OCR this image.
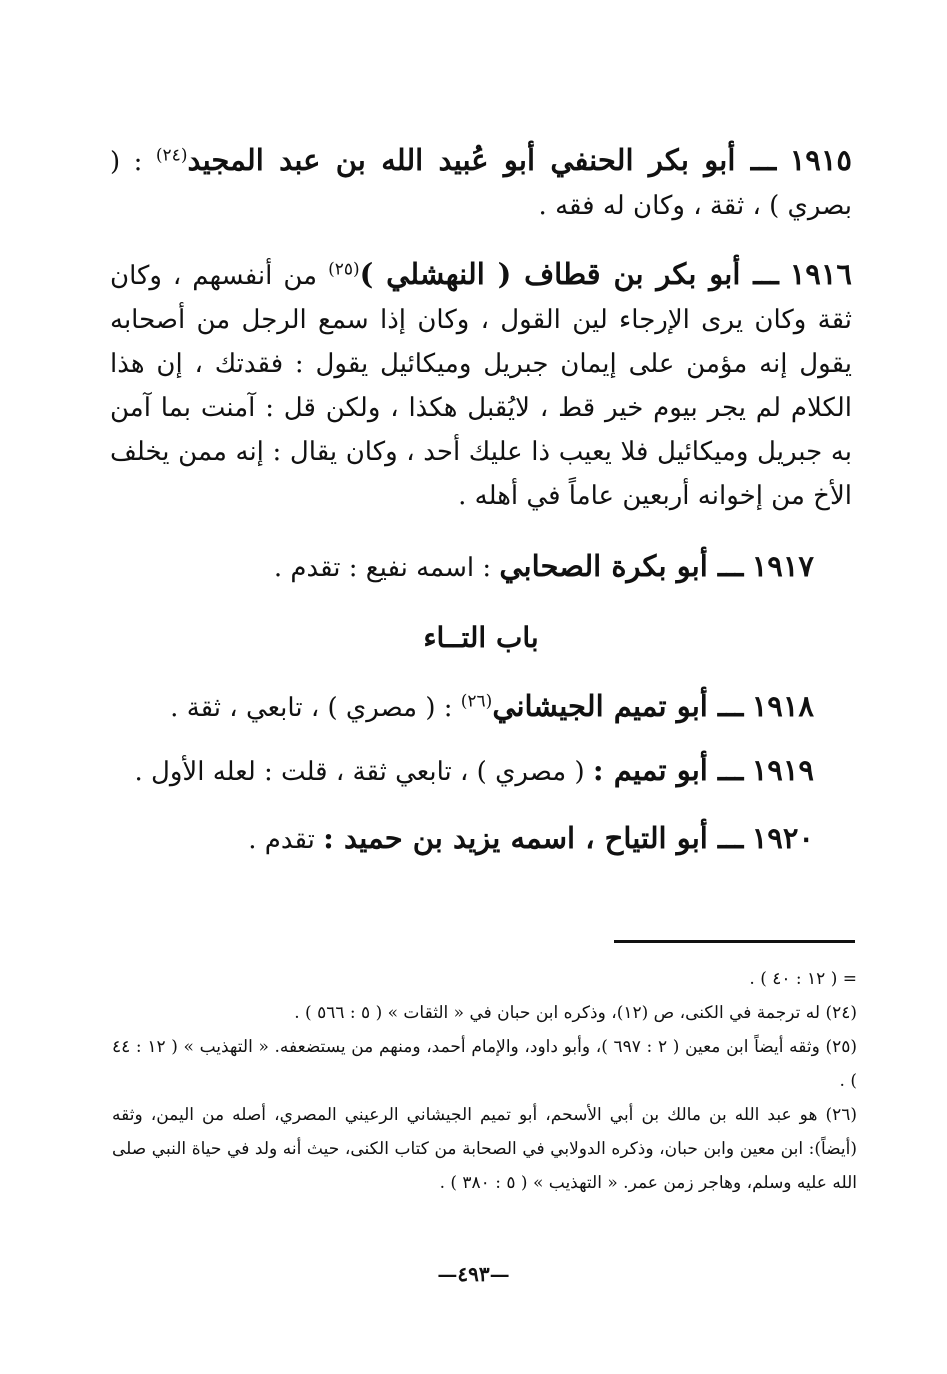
١٩١٥ ـــ أبو بكر الحنفي أبو عُبيد الله بن عبد المجيد$^{(٢٤)}$ : ( بصري ) ، ثقة ، وكان له فقه .

١٩١٦ ـــ أبو بكر بن قطاف ( النهشلي )$^{(٢٥)}$ من أنفسهم ، وكان ثقة وكان يرى الإرجاء لين القول ، وكان إذا سمع الرجل من أصحابه يقول إنه مؤمن على إيمان جبريل وميكائيل يقول : فقدتك ، إن هذا الكلام لم يجر بيوم خير قط ، لايُقبل هكذا ، ولكن قل : آمنت بما آمن به جبريل وميكائيل فلا يعيب ذا عليك أحد ، وكان يقال : إنه ممن يخلف الأخ من إخوانه أربعين عاماً في أهله .

١٩١٧ ـــ أبو بكرة الصحابي : اسمه نفيع : تقدم .

باب التــاء

١٩١٨ ـــ أبو تميم الجيشاني$^{(٢٦)}$ : ( مصري ) ، تابعي ، ثقة .

١٩١٩ ـــ أبو تميم : ( مصري ) ، تابعي ثقة ، قلت : لعله الأول .

١٩٢٠ ـــ أبو التياح ، اسمه يزيد بن حميد : تقدم .

= ( ١٢ : ٤٠ ) .

(٢٤) له ترجمة في الكنى، ص (١٢)، وذكره ابن حبان في « الثقات » ( ٥ : ٥٦٦ ) .

(٢٥) وثقه أيضاً ابن معين ( ٢ : ٦٩٧ )، وأبو داود، والإمام أحمد، ومنهم من يستضعفه. « التهذيب » ( ١٢ : ٤٤ ) .

(٢٦) هو عبد الله بن مالك بن أبي الأسحم، أبو تميم الجيشاني الرعيني المصري، أصله من اليمن، وثقه (أيضاً): ابن معين وابن حبان، وذكره الدولابي في الصحابة من كتاب الكنى، حيث أنه ولد في حياة النبي صلى الله عليه وسلم، وهاجر زمن عمر. « التهذيب » ( ٥ : ٣٨٠ ) .

—٤٩٣—
